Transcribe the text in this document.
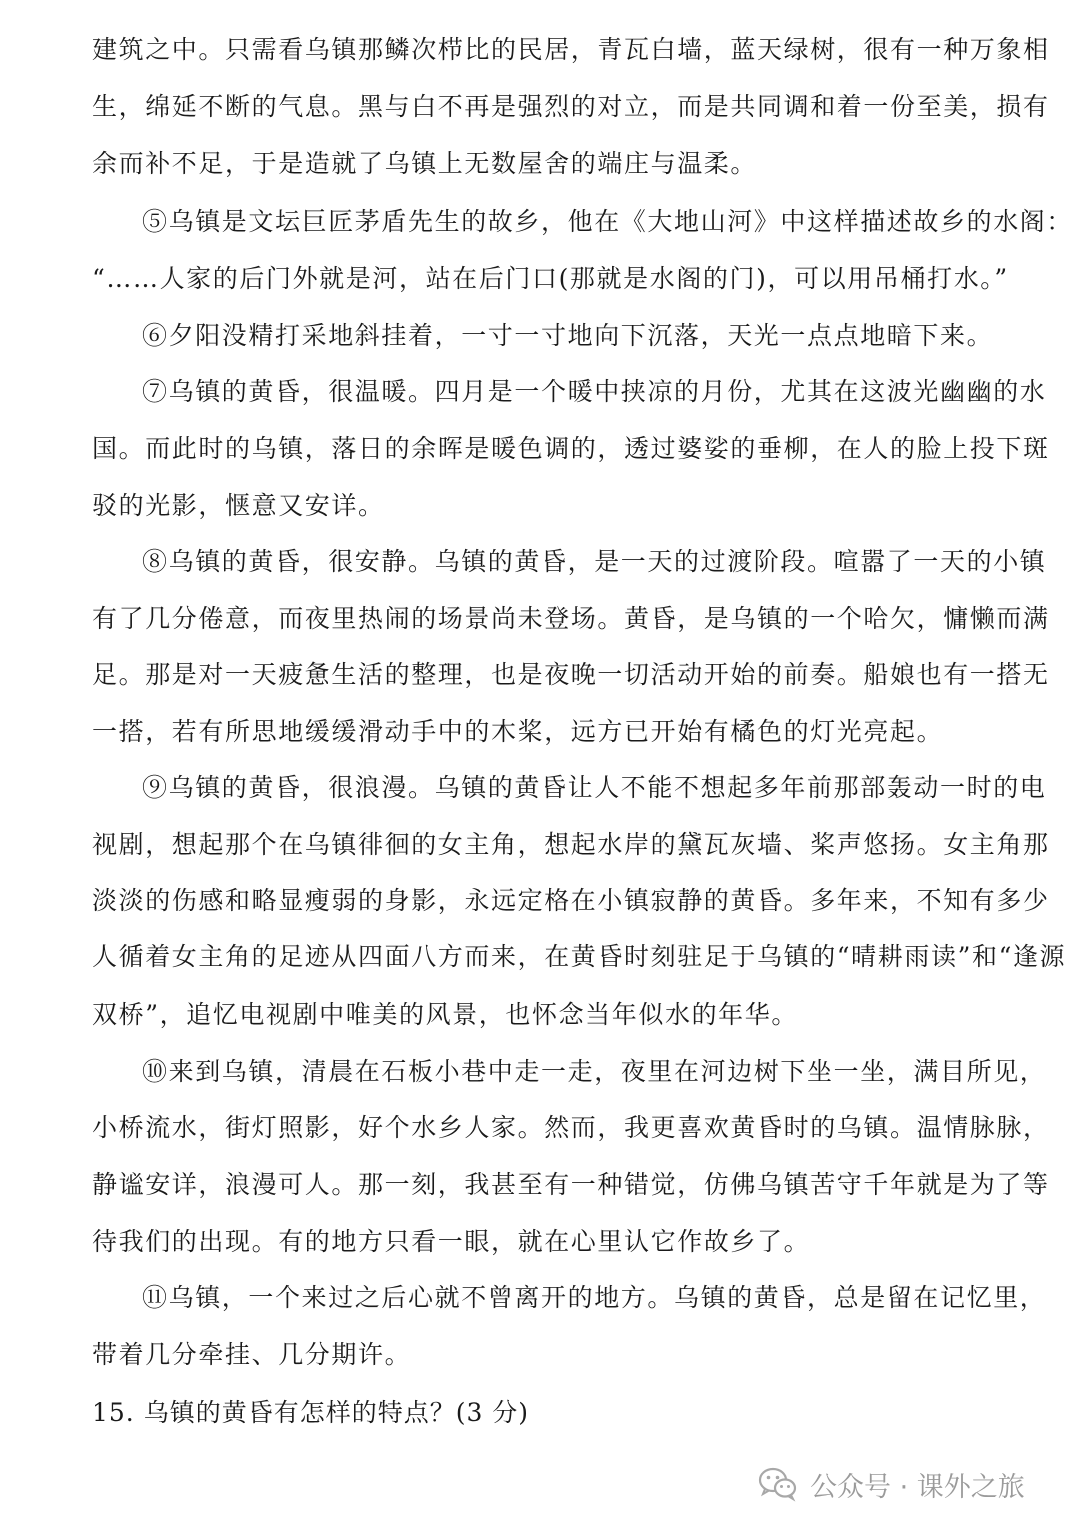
建筑之中。只需看乌镇那鳞次栉比的民居，青瓦白墙，蓝天绿树，很有一种万象相
生，绵延不断的气息。黑与白不再是强烈的对立，而是共同调和着一份至美，损有
余而补不足，于是造就了乌镇上无数屋舍的端庄与温柔。
⑤乌镇是文坛巨匠茅盾先生的故乡，他在《大地山河》中这样描述故乡的水阁：
“……人家的后门外就是河，站在后门口(那就是水阁的门)，可以用吊桶打水。”
⑥夕阳没精打采地斜挂着，一寸一寸地向下沉落，天光一点点地暗下来。
⑦乌镇的黄昏，很温暖。四月是一个暖中挟凉的月份，尤其在这波光幽幽的水
国。而此时的乌镇，落日的余晖是暖色调的，透过婆娑的垂柳，在人的脸上投下斑
驳的光影，惬意又安详。
⑧乌镇的黄昏，很安静。乌镇的黄昏，是一天的过渡阶段。喧嚣了一天的小镇
有了几分倦意，而夜里热闹的场景尚未登场。黄昏，是乌镇的一个哈欠，慵懒而满
足。那是对一天疲惫生活的整理，也是夜晚一切活动开始的前奏。船娘也有一搭无
一搭，若有所思地缓缓滑动手中的木桨，远方已开始有橘色的灯光亮起。
⑨乌镇的黄昏，很浪漫。乌镇的黄昏让人不能不想起多年前那部轰动一时的电
视剧，想起那个在乌镇徘徊的女主角，想起水岸的黛瓦灰墙、桨声悠扬。女主角那
淡淡的伤感和略显瘦弱的身影，永远定格在小镇寂静的黄昏。多年来，不知有多少
人循着女主角的足迹从四面八方而来，在黄昏时刻驻足于乌镇的“晴耕雨读”和“逢源
双桥”，追忆电视剧中唯美的风景，也怀念当年似水的年华。
⑩来到乌镇，清晨在石板小巷中走一走，夜里在河边树下坐一坐，满目所见，
小桥流水，街灯照影，好个水乡人家。然而，我更喜欢黄昏时的乌镇。温情脉脉，
静谧安详，浪漫可人。那一刻，我甚至有一种错觉，仿佛乌镇苦守千年就是为了等
待我们的出现。有的地方只看一眼，就在心里认它作故乡了。
⑪乌镇，一个来过之后心就不曾离开的地方。乌镇的黄昏，总是留在记忆里，
带着几分牵挂、几分期许。
15. 乌镇的黄昏有怎样的特点？(3 分)
公众号 · 课外之旅
